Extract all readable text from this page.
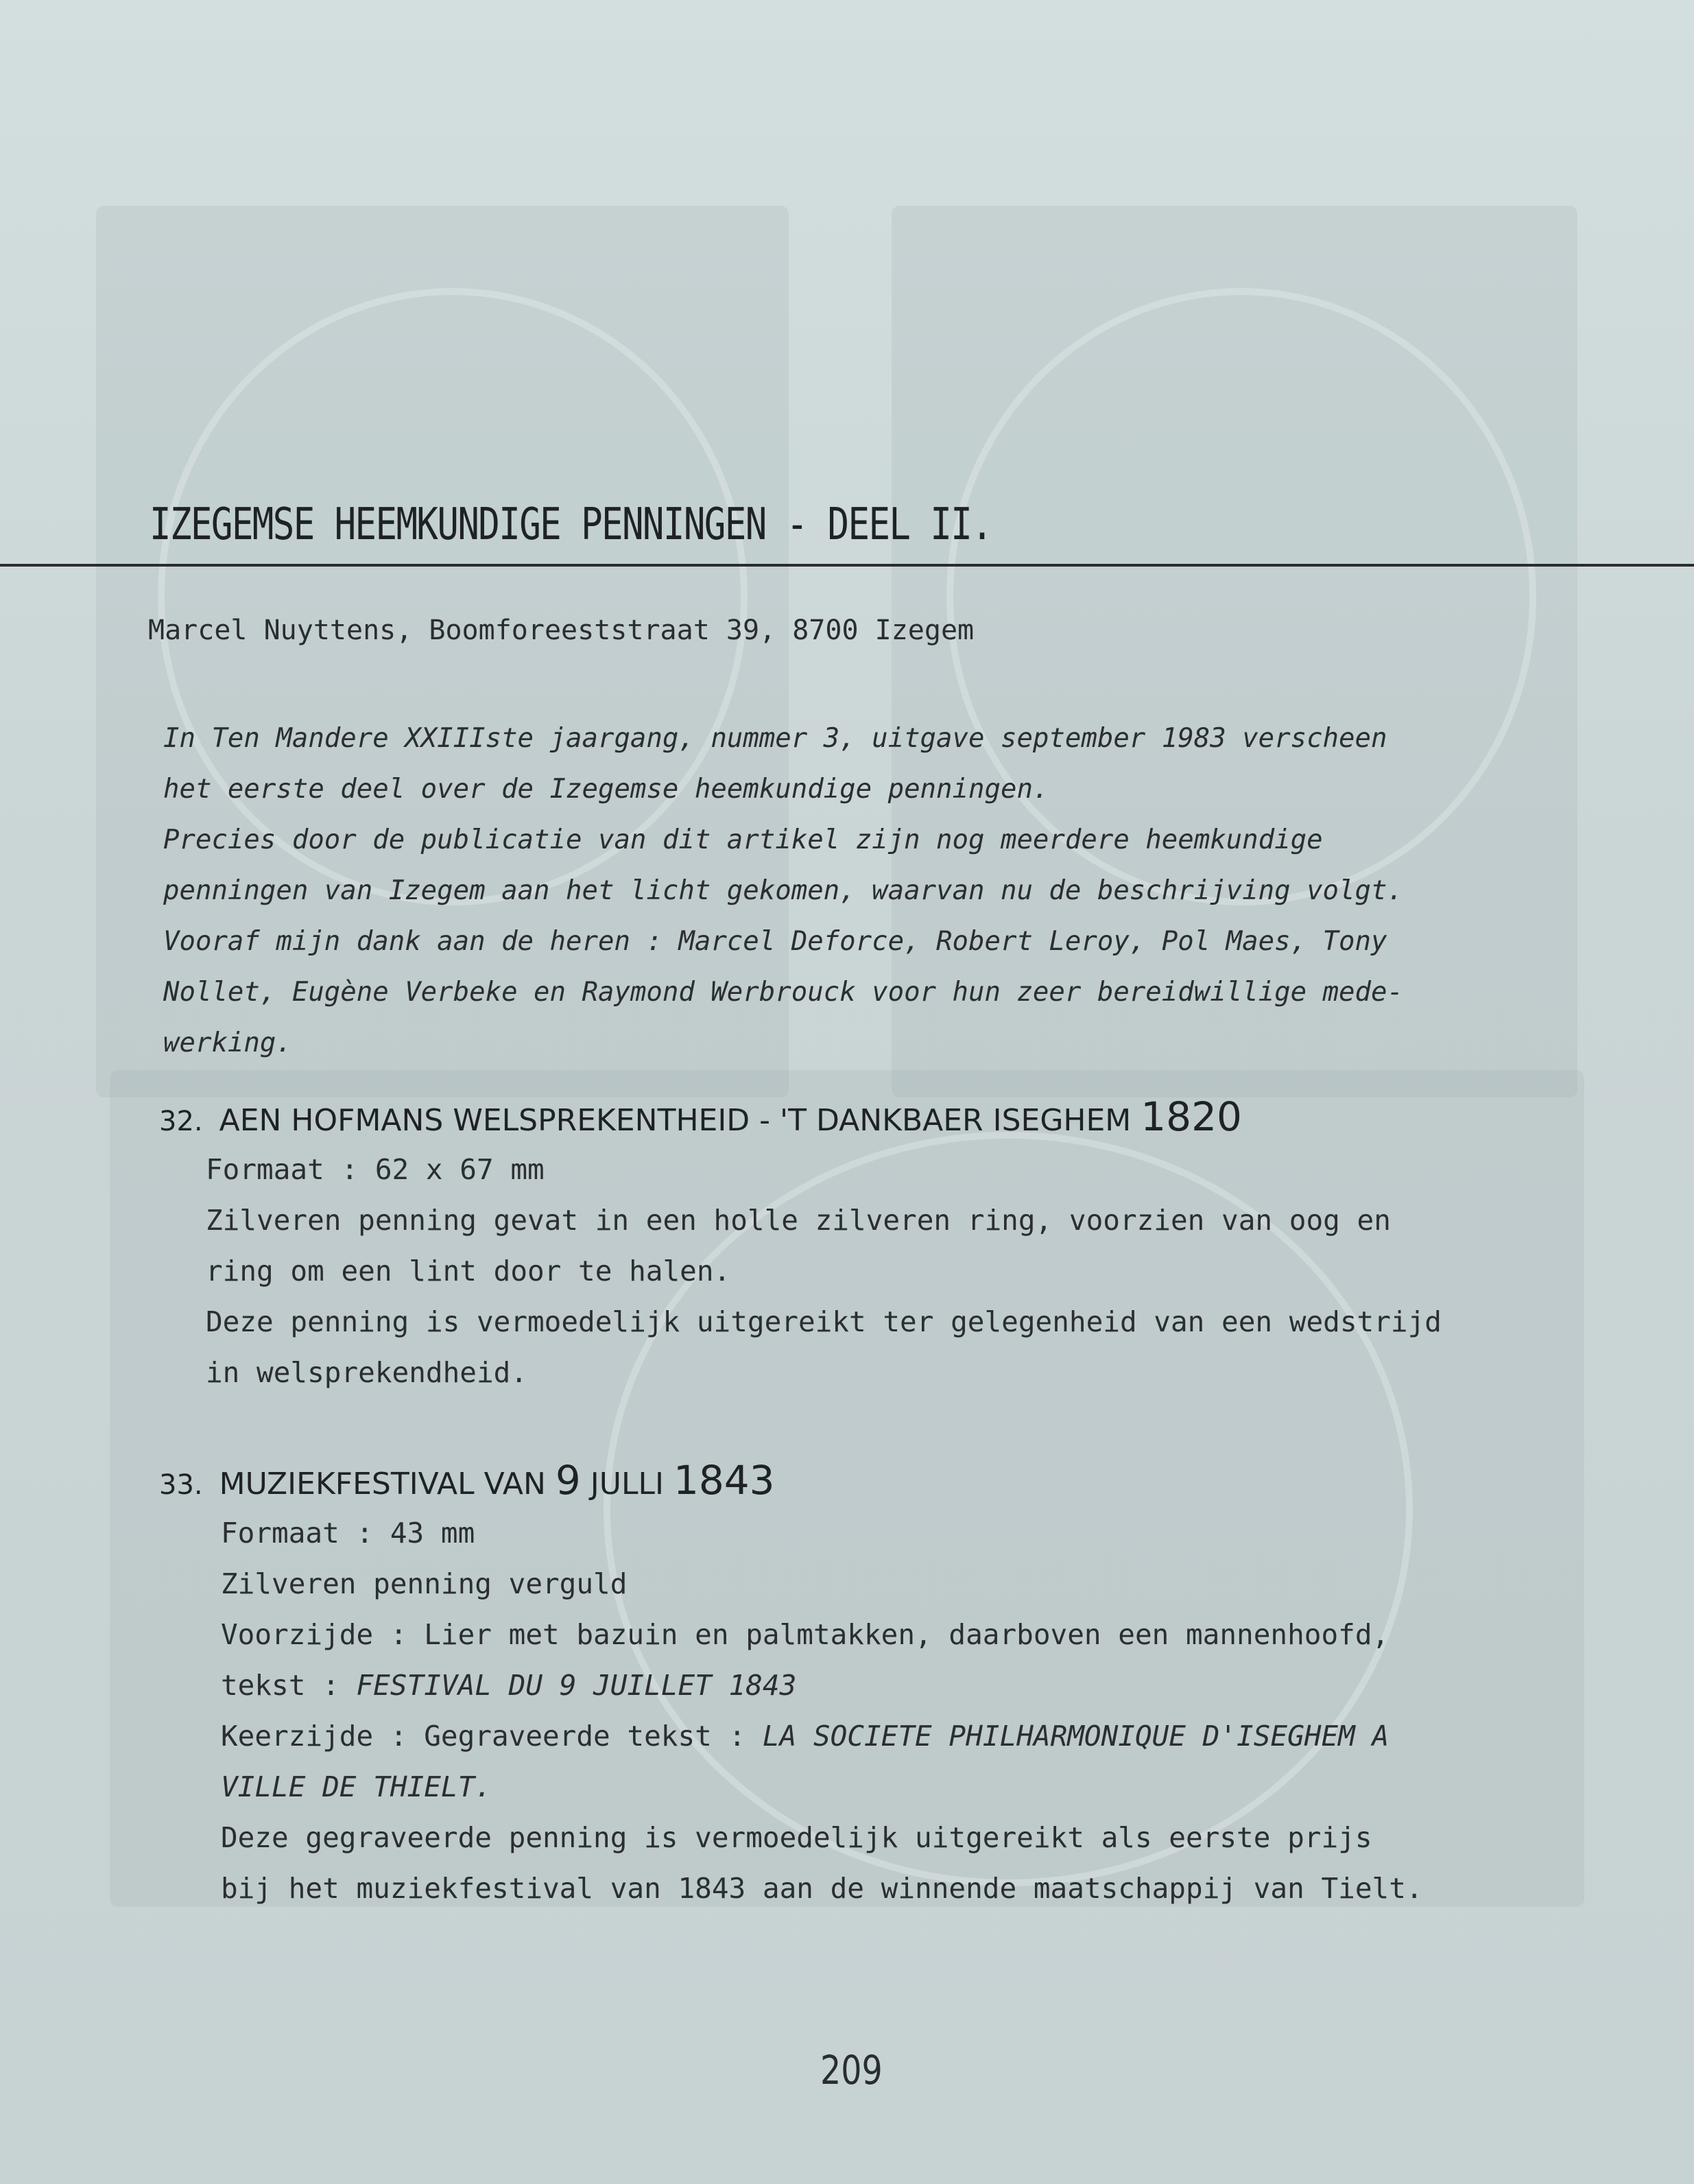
IZEGEMSE HEEMKUNDIGE PENNINGEN - DEEL II.
Marcel Nuyttens, Boomforeeststraat 39, 8700 Izegem
In Ten Mandere XXIIIste jaargang, nummer 3, uitgave september 1983 verscheen
het eerste deel over de Izegemse heemkundige penningen.
Precies door de publicatie van dit artikel zijn nog meerdere heemkundige
penningen van Izegem aan het licht gekomen, waarvan nu de beschrijving volgt.
Vooraf mijn dank aan de heren : Marcel Deforce, Robert Leroy, Pol Maes, Tony
Nollet, Eugène Verbeke en Raymond Werbrouck voor hun zeer bereidwillige mede-
werking.
32. AEN HOFMANS WELSPREKENTHEID - 'T DANKBAER ISEGHEM 1820
Formaat : 62 x 67 mm
Zilveren penning gevat in een holle zilveren ring, voorzien van oog en
ring om een lint door te halen.
Deze penning is vermoedelijk uitgereikt ter gelegenheid van een wedstrijd
in welsprekendheid.
33. MUZIEKFESTIVAL VAN 9 JULLI 1843
Formaat : 43 mm
Zilveren penning verguld
Voorzijde : Lier met bazuin en palmtakken, daarboven een mannenhoofd,
tekst : FESTIVAL DU 9 JUILLET 1843
Keerzijde : Gegraveerde tekst : LA SOCIETE PHILHARMONIQUE D'ISEGHEM A
VILLE DE THIELT.
Deze gegraveerde penning is vermoedelijk uitgereikt als eerste prijs
bij het muziekfestival van 1843 aan de winnende maatschappij van Tielt.
209
